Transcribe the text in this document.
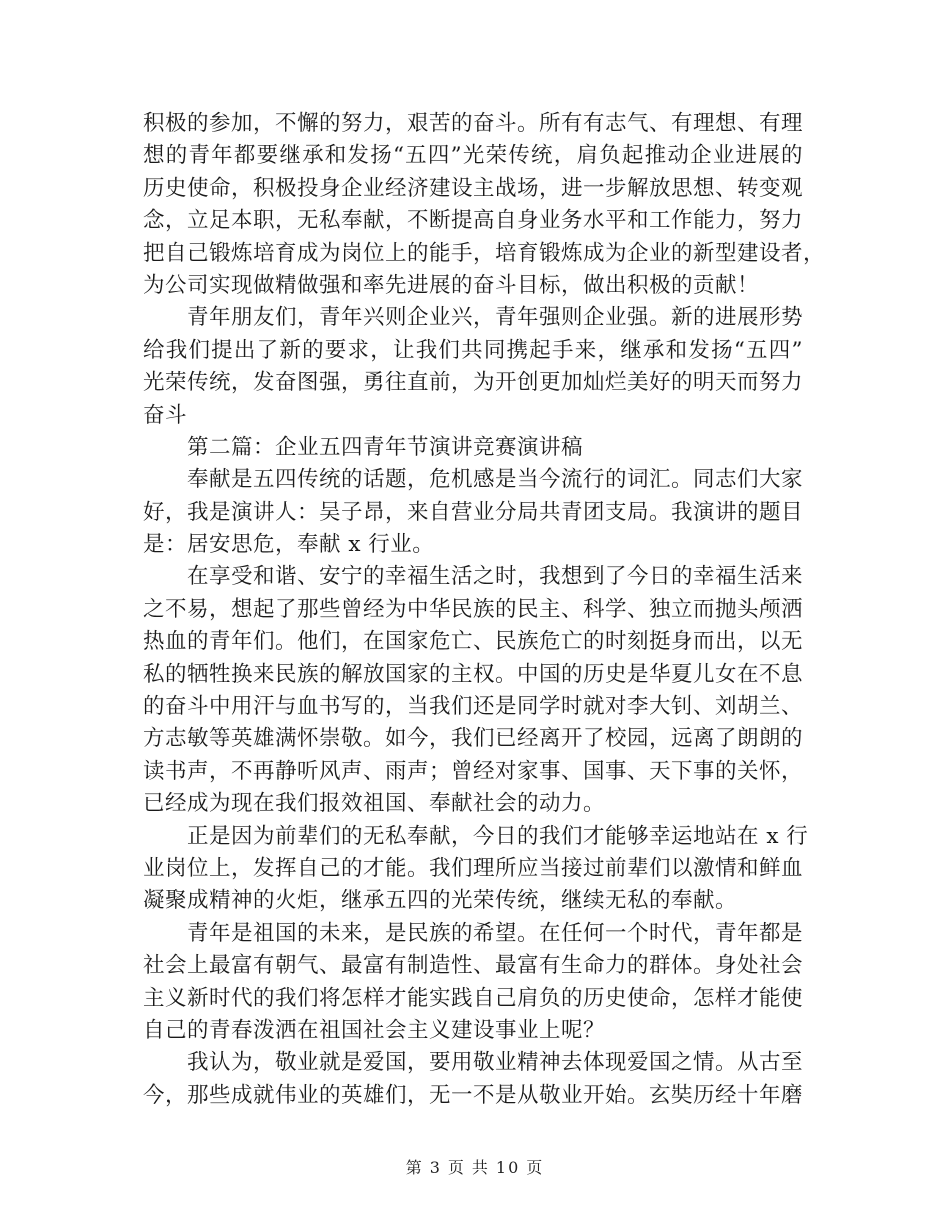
积极的参加，不懈的努力，艰苦的奋斗。所有有志气、有理想、有理
想的青年都要继承和发扬“五四”光荣传统，肩负起推动企业进展的
历史使命，积极投身企业经济建设主战场，进一步解放思想、转变观
念，立足本职，无私奉献，不断提高自身业务水平和工作能力，努力
把自己锻炼培育成为岗位上的能手，培育锻炼成为企业的新型建设者，
为公司实现做精做强和率先进展的奋斗目标，做出积极的贡献！
青年朋友们，青年兴则企业兴，青年强则企业强。新的进展形势
给我们提出了新的要求，让我们共同携起手来，继承和发扬“五四”
光荣传统，发奋图强，勇往直前，为开创更加灿烂美好的明天而努力
奋斗
第二篇：企业五四青年节演讲竞赛演讲稿
奉献是五四传统的话题，危机感是当今流行的词汇。同志们大家
好，我是演讲人：吴子昂，来自营业分局共青团支局。我演讲的题目
是：居安思危，奉献 x 行业。
在享受和谐、安宁的幸福生活之时，我想到了今日的幸福生活来
之不易，想起了那些曾经为中华民族的民主、科学、独立而抛头颅洒
热血的青年们。他们，在国家危亡、民族危亡的时刻挺身而出，以无
私的牺牲换来民族的解放国家的主权。中国的历史是华夏儿女在不息
的奋斗中用汗与血书写的，当我们还是同学时就对李大钊、刘胡兰、
方志敏等英雄满怀崇敬。如今，我们已经离开了校园，远离了朗朗的
读书声，不再静听风声、雨声；曾经对家事、国事、天下事的关怀，
已经成为现在我们报效祖国、奉献社会的动力。
正是因为前辈们的无私奉献，今日的我们才能够幸运地站在 x 行
业岗位上，发挥自己的才能。我们理所应当接过前辈们以激情和鲜血
凝聚成精神的火炬，继承五四的光荣传统，继续无私的奉献。
青年是祖国的未来，是民族的希望。在任何一个时代，青年都是
社会上最富有朝气、最富有制造性、最富有生命力的群体。身处社会
主义新时代的我们将怎样才能实践自己肩负的历史使命，怎样才能使
自己的青春泼洒在祖国社会主义建设事业上呢？
我认为，敬业就是爱国，要用敬业精神去体现爱国之情。从古至
今，那些成就伟业的英雄们，无一不是从敬业开始。玄奘历经十年磨
第 3 页 共 10 页
